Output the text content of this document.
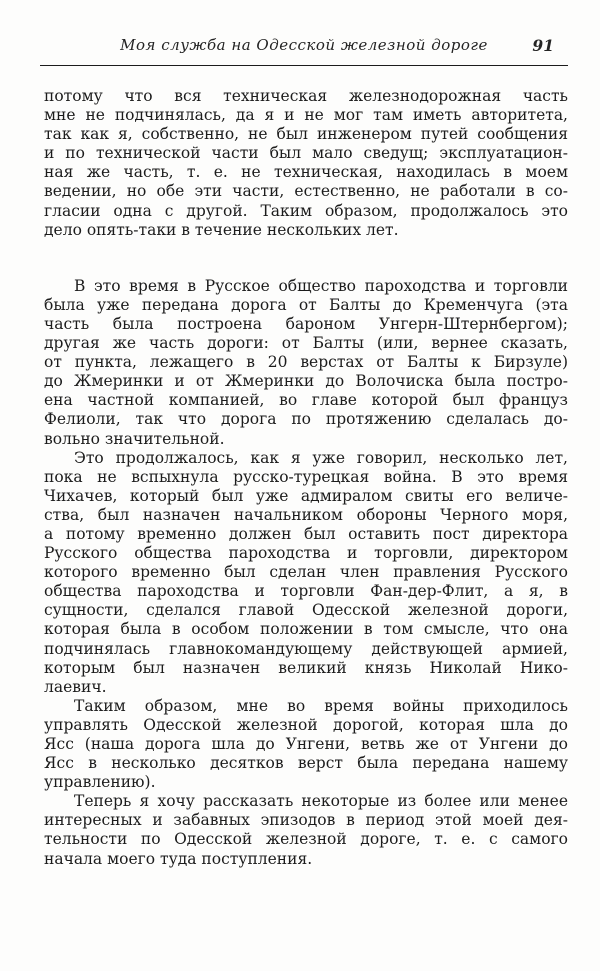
Моя служба на Одесской железной дороге	91
потому что вся техническая железнодорожная часть
мне не подчинялась, да я и не мог там иметь авторитета,
так как я, собственно, не был инженером путей сообщения
и по технической части был мало сведущ; эксплуатацион-
ная же часть, т. е. не техническая, находилась в моем
ведении, но обе эти части, естественно, не работали в со-
гласии одна с другой. Таким образом, продолжалось это
дело опять-таки в течение нескольких лет.
В это время в Русское общество пароходства и торговли
была уже передана дорога от Балты до Кременчуга (эта
часть была построена бароном Унгерн-Штернбергом);
другая же часть дороги: от Балты (или, вернее сказать,
от пункта, лежащего в 20 верстах от Балты к Бирзуле)
до Жмеринки и от Жмеринки до Волочиска была постро-
ена частной компанией, во главе которой был француз
Фелиоли, так что дорога по протяжению сделалась до-
вольно значительной.
Это продолжалось, как я уже говорил, несколько лет,
пока не вспыхнула русско-турецкая война. В это время
Чихачев, который был уже адмиралом свиты его величе-
ства, был назначен начальником обороны Черного моря,
а потому временно должен был оставить пост директора
Русского общества пароходства и торговли, директором
которого временно был сделан член правления Русского
общества пароходства и торговли Фан-дер-Флит, а я, в
сущности, сделался главой Одесской железной дороги,
которая была в особом положении в том смысле, что она
подчинялась главнокомандующему действующей армией,
которым был назначен великий князь Николай Нико-
лаевич.
Таким образом, мне во время войны приходилось
управлять Одесской железной дорогой, которая шла до
Ясс (наша дорога шла до Унгени, ветвь же от Унгени до
Ясс в несколько десятков верст была передана нашему
управлению).
Теперь я хочу рассказать некоторые из более или менее
интересных и забавных эпизодов в период этой моей дея-
тельности по Одесской железной дороге, т. е. с самого
начала моего туда поступления.
